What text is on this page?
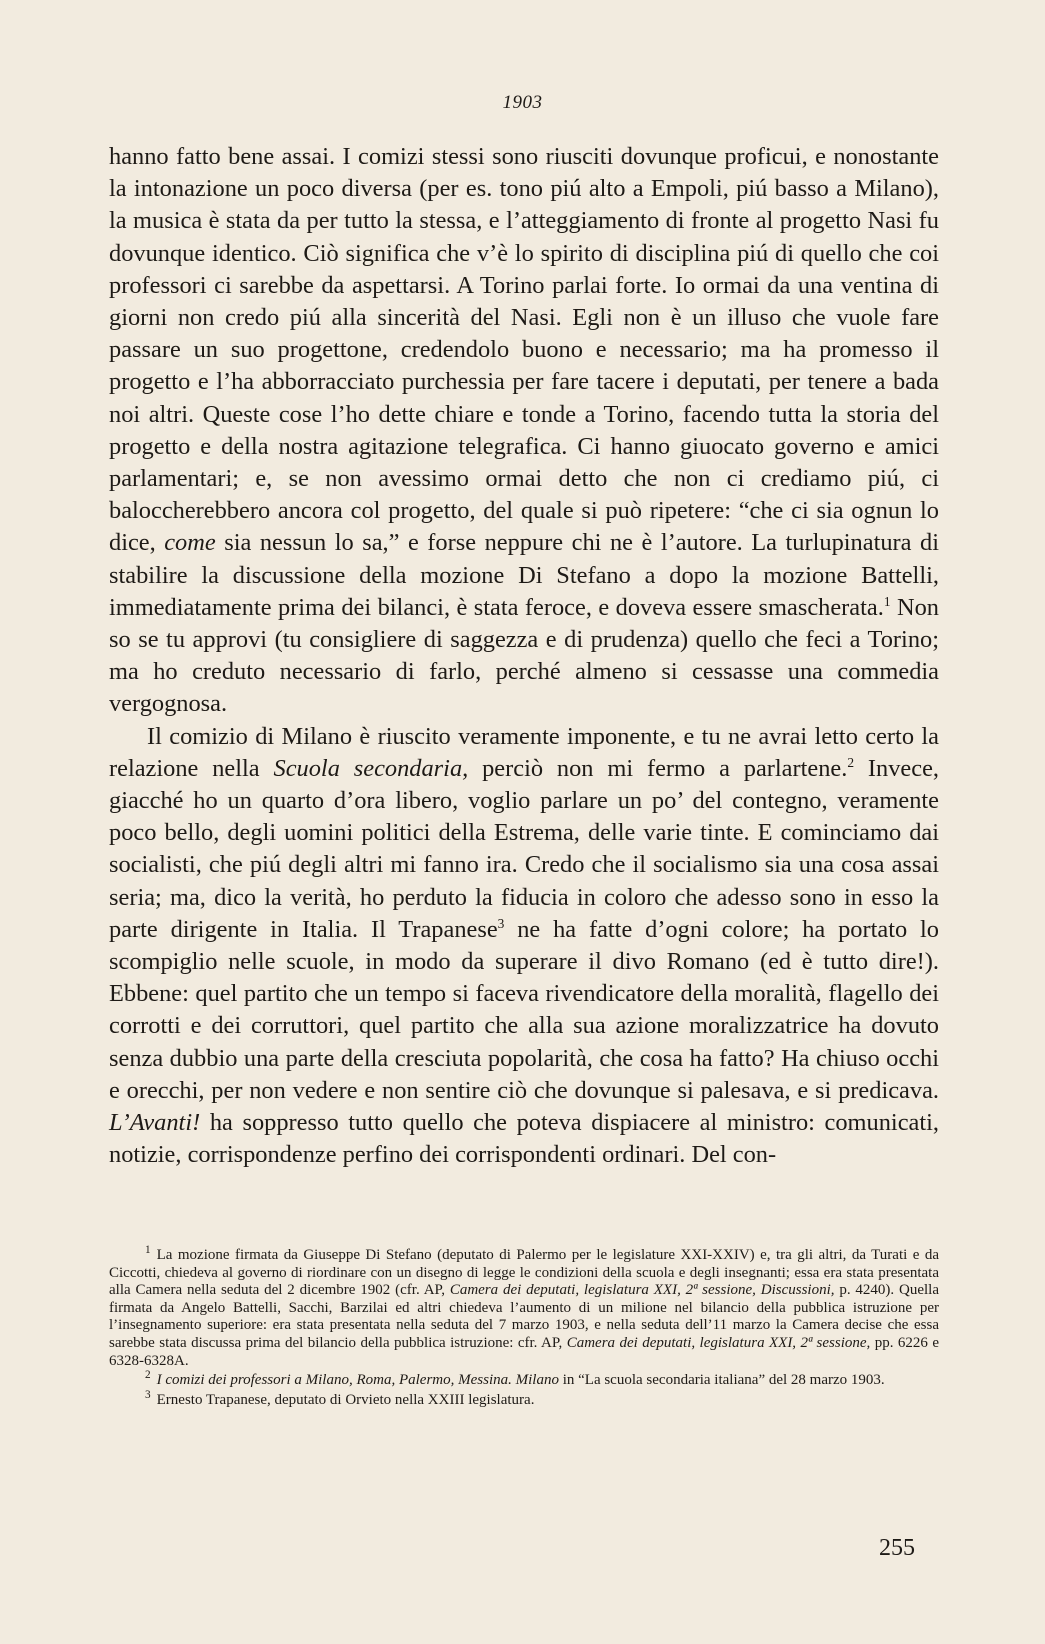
1903

hanno fatto bene assai. I comizi stessi sono riusciti dovunque proficui, e nonostante la intonazione un poco diversa (per es. tono piú alto a Empoli, piú basso a Milano), la musica è stata da per tutto la stessa, e l’atteggiamento di fronte al progetto Nasi fu dovunque identico. Ciò significa che v’è lo spirito di disciplina piú di quello che coi professori ci sarebbe da aspettarsi. A Torino parlai forte. Io ormai da una ventina di giorni non credo piú alla sincerità del Nasi. Egli non è un illuso che vuole fare passare un suo progettone, credendolo buono e necessario; ma ha promesso il progetto e l’ha abborracciato purchessia per fare tacere i deputati, per tenere a bada noi altri. Queste cose l’ho dette chiare e tonde a Torino, facendo tutta la storia del progetto e della nostra agitazione telegrafica. Ci hanno giuocato governo e amici parlamentari; e, se non avessimo ormai detto che non ci crediamo piú, ci baloccherebbero ancora col progetto, del quale si può ripetere: “che ci sia ognun lo dice, come sia nessun lo sa,” e forse neppure chi ne è l’autore. La turlupinatura di stabilire la discussione della mozione Di Stefano a dopo la mozione Battelli, immediatamente prima dei bilanci, è stata feroce, e doveva essere smascherata.$^1$ Non so se tu approvi (tu consigliere di saggezza e di prudenza) quello che feci a Torino; ma ho creduto necessario di farlo, perché almeno si cessasse una commedia vergognosa.

Il comizio di Milano è riuscito veramente imponente, e tu ne avrai letto certo la relazione nella Scuola secondaria, perciò non mi fermo a parlartene.$^2$ Invece, giacché ho un quarto d’ora libero, voglio parlare un po’ del contegno, veramente poco bello, degli uomini politici della Estrema, delle varie tinte. E cominciamo dai socialisti, che piú degli altri mi fanno ira. Credo che il socialismo sia una cosa assai seria; ma, dico la verità, ho perduto la fiducia in coloro che adesso sono in esso la parte dirigente in Italia. Il Trapanese$^3$ ne ha fatte d’ogni colore; ha portato lo scompiglio nelle scuole, in modo da superare il divo Romano (ed è tutto dire!). Ebbene: quel partito che un tempo si faceva rivendicatore della moralità, flagello dei corrotti e dei corruttori, quel partito che alla sua azione moralizzatrice ha dovuto senza dubbio una parte della cresciuta popolarità, che cosa ha fatto? Ha chiuso occhi e orecchi, per non vedere e non sentire ciò che dovunque si palesava, e si predicava. L’Avanti! ha soppresso tutto quello che poteva dispiacere al ministro: comunicati, notizie, corrispondenze perfino dei corrispondenti ordinari. Del con-

$^1$ La mozione firmata da Giuseppe Di Stefano (deputato di Palermo per le legislature XXI-XXIV) e, tra gli altri, da Turati e da Ciccotti, chiedeva al governo di riordinare con un disegno di legge le condizioni della scuola e degli insegnanti; essa era stata presentata alla Camera nella seduta del 2 dicembre 1902 (cfr. AP, Camera dei deputati, legislatura XXI, 2ª sessione, Discussioni, p. 4240). Quella firmata da Angelo Battelli, Sacchi, Barzilai ed altri chiedeva l’aumento di un milione nel bilancio della pubblica istruzione per l’insegnamento superiore: era stata presentata nella seduta del 7 marzo 1903, e nella seduta dell’11 marzo la Camera decise che essa sarebbe stata discussa prima del bilancio della pubblica istruzione: cfr. AP, Camera dei deputati, legislatura XXI, 2ª sessione, pp. 6226 e 6328-6328A.

$^2$ I comizi dei professori a Milano, Roma, Palermo, Messina. Milano in “La scuola secondaria italiana” del 28 marzo 1903.

$^3$ Ernesto Trapanese, deputato di Orvieto nella XXIII legislatura.

255
